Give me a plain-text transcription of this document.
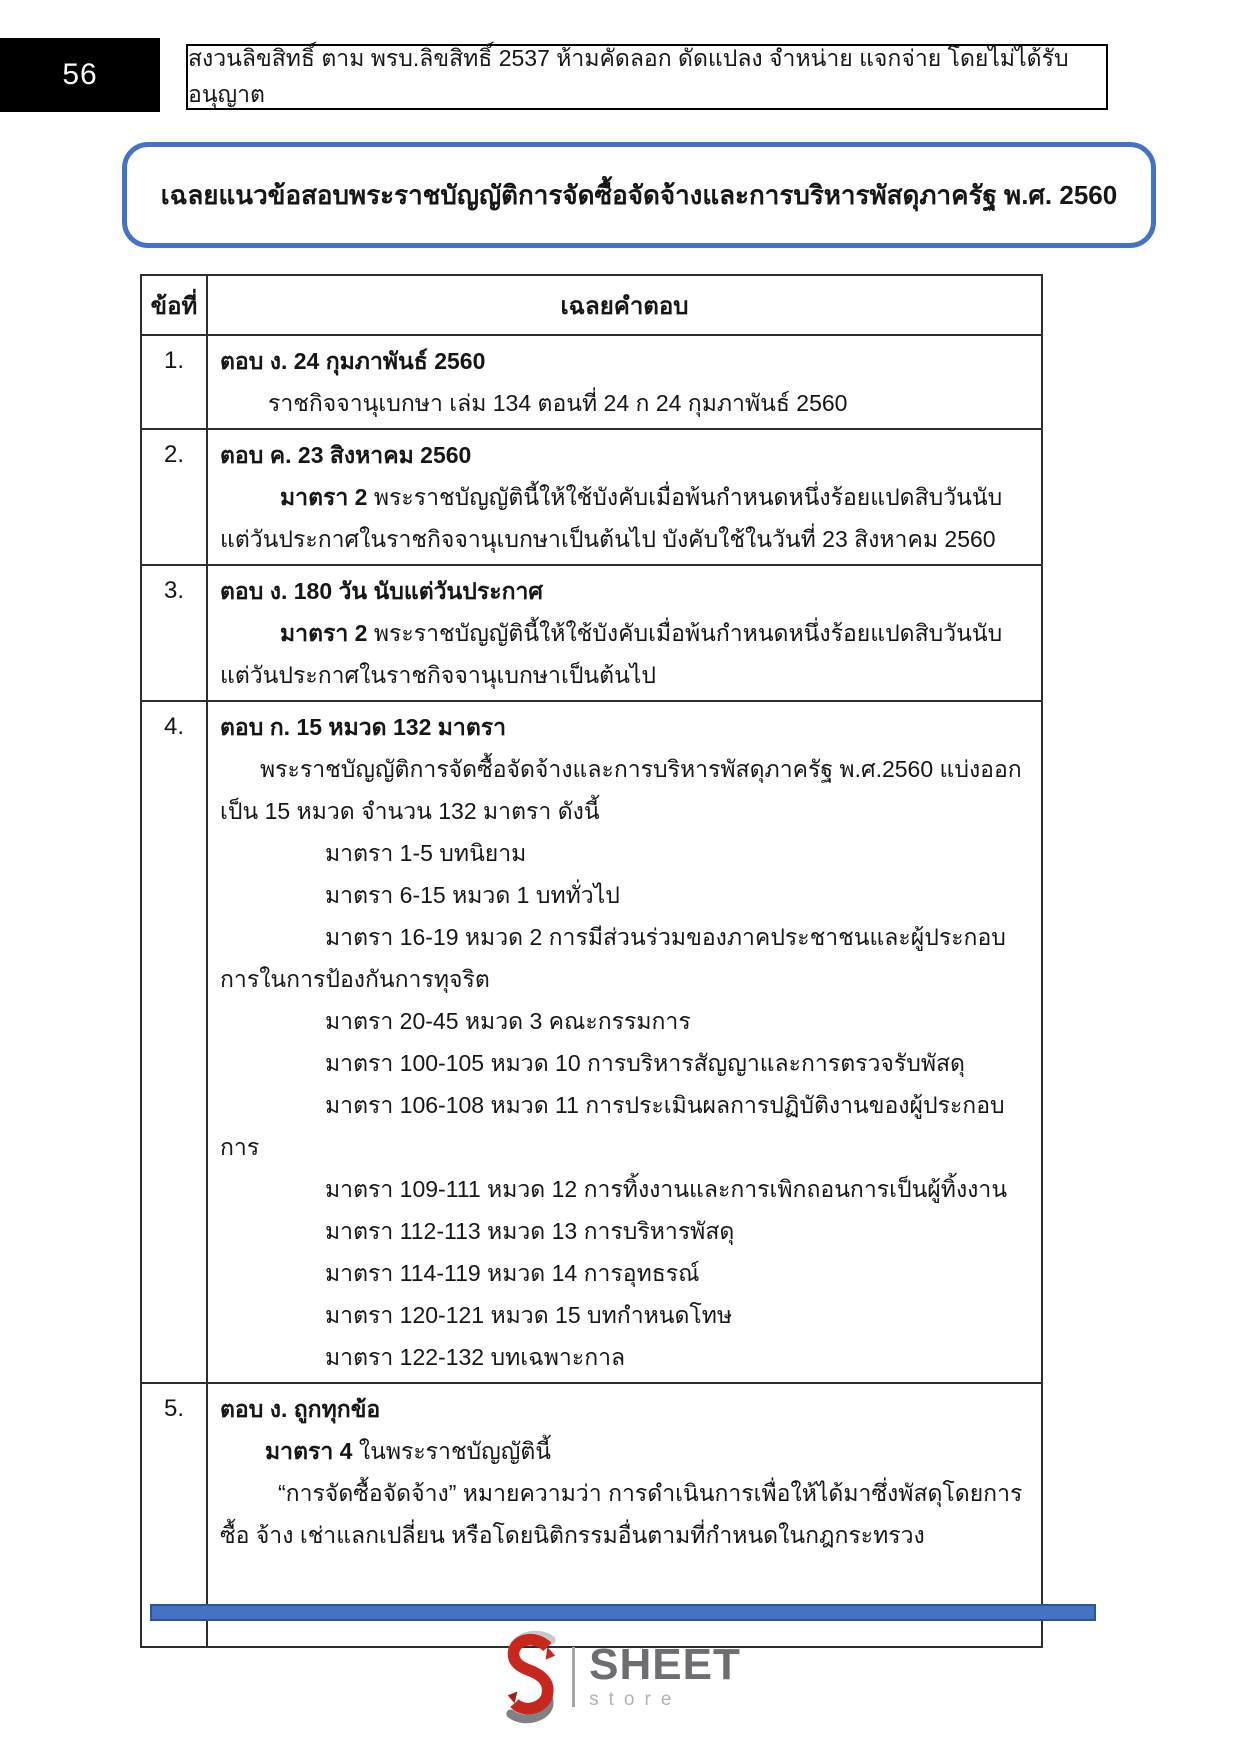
56	สงวนลิขสิทธิ์ ตาม พรบ.ลิขสิทธิ์ 2537 ห้ามคัดลอก ดัดแปลง จำหน่าย แจกจ่าย โดยไม่ได้รับอนุญาต
เฉลยแนวข้อสอบพระราชบัญญัติการจัดซื้อจัดจ้างและการบริหารพัสดุภาครัฐ พ.ศ. 2560
ข้อที่	เฉลยคำตอบ
1.	ตอบ ง. 24 กุมภาพันธ์ 2560

ราชกิจจานุเบกษา เล่ม 134 ตอนที่ 24 ก 24 กุมภาพันธ์ 2560

2.	ตอบ ค. 23 สิงหาคม 2560

มาตรา 2 พระราชบัญญัตินี้ให้ใช้บังคับเมื่อพ้นกำหนดหนึ่งร้อยแปดสิบวันนับแต่วันประกาศในราชกิจจานุเบกษาเป็นต้นไป บังคับใช้ในวันที่ 23 สิงหาคม 2560

3.	ตอบ ง. 180 วัน นับแต่วันประกาศ

มาตรา 2 พระราชบัญญัตินี้ให้ใช้บังคับเมื่อพ้นกำหนดหนึ่งร้อยแปดสิบวันนับแต่วันประกาศในราชกิจจานุเบกษาเป็นต้นไป

4.	ตอบ ก. 15 หมวด 132 มาตรา

พระราชบัญญัติการจัดซื้อจัดจ้างและการบริหารพัสดุภาครัฐ พ.ศ.2560 แบ่งออกเป็น 15 หมวด จำนวน 132 มาตรา ดังนี้

มาตรา 1-5 บทนิยาม

มาตรา 6-15 หมวด 1 บททั่วไป

มาตรา 16-19 หมวด 2 การมีส่วนร่วมของภาคประชาชนและผู้ประกอบการในการป้องกันการทุจริต

มาตรา 20-45 หมวด 3 คณะกรรมการ

มาตรา 100-105 หมวด 10 การบริหารสัญญาและการตรวจรับพัสดุ

มาตรา 106-108 หมวด 11 การประเมินผลการปฏิบัติงานของผู้ประกอบการ

มาตรา 109-111 หมวด 12 การทิ้งงานและการเพิกถอนการเป็นผู้ทิ้งงาน

มาตรา 112-113 หมวด 13 การบริหารพัสดุ

มาตรา 114-119 หมวด 14 การอุทธรณ์

มาตรา 120-121 หมวด 15 บทกำหนดโทษ

มาตรา 122-132 บทเฉพาะกาล

5.	ตอบ ง. ถูกทุกข้อ

มาตรา 4 ในพระราชบัญญัตินี้

“การจัดซื้อจัดจ้าง” หมายความว่า การดำเนินการเพื่อให้ได้มาซึ่งพัสดุโดยการซื้อ จ้าง เช่าแลกเปลี่ยน หรือโดยนิติกรรมอื่นตามที่กำหนดในกฎกระทรวง

SHEET
store
